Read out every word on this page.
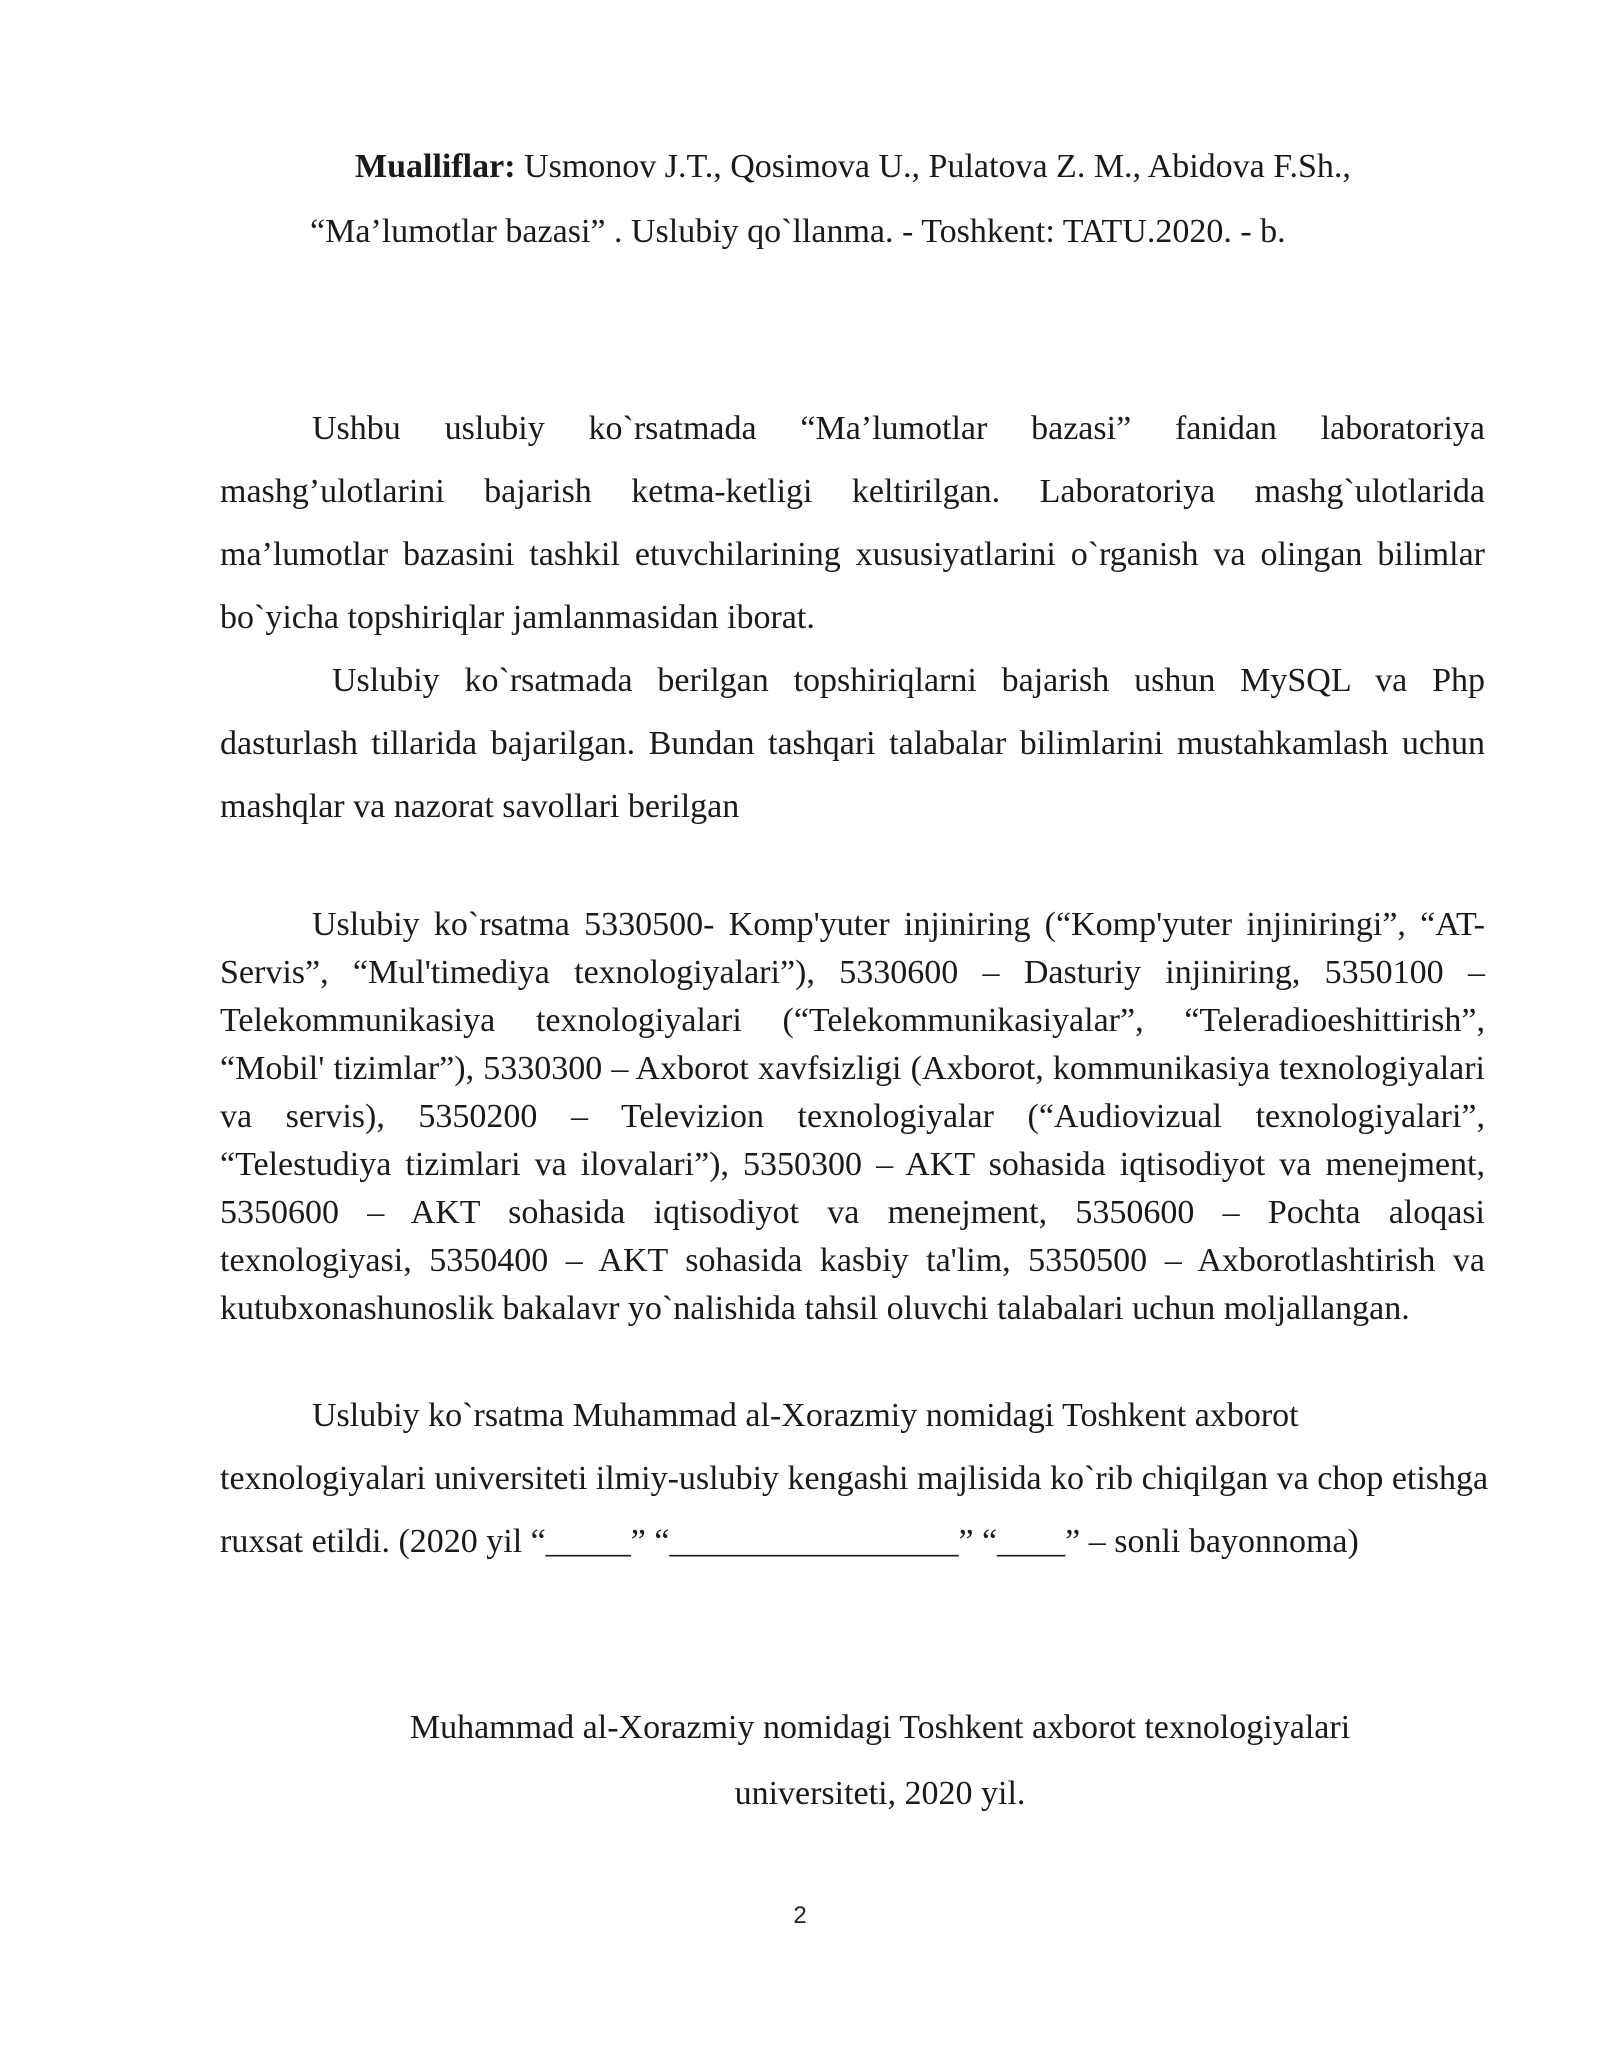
Mualliflar: Usmonov J.T., Qosimova U., Pulatova Z. M., Abidova F.Sh.,
“Ma’lumotlar bazasi” . Uslubiy qo`llanma. - Toshkent: TATU.2020. - b.

Ushbu uslubiy ko`rsatmada “Ma’lumotlar bazasi” fanidan laboratoriya mashg’ulotlarini bajarish ketma-ketligi keltirilgan. Laboratoriya mashg`ulotlarida ma’lumotlar bazasini tashkil etuvchilarining xususiyatlarini o`rganish va olingan bilimlar bo`yicha topshiriqlar jamlanmasidan iborat.

Uslubiy ko`rsatmada berilgan topshiriqlarni bajarish ushun MySQL va Php dasturlash tillarida bajarilgan. Bundan tashqari talabalar bilimlarini mustahkamlash uchun mashqlar va nazorat savollari berilgan

Uslubiy ko`rsatma 5330500- Komp'yuter injiniring (“Komp'yuter injiniringi”, “AT-Servis”, “Mul'timediya texnologiyalari”), 5330600 – Dasturiy injiniring, 5350100 – Telekommunikasiya texnologiyalari (“Telekommunikasiyalar”, “Teleradioeshittirish”, “Mobil' tizimlar”), 5330300 – Axborot xavfsizligi (Axborot, kommunikasiya texnologiyalari va servis), 5350200 – Televizion texnologiyalar (“Audiovizual texnologiyalari”, “Telestudiya tizimlari va ilovalari”), 5350300 – AKT sohasida iqtisodiyot va menejment, 5350600 – AKT sohasida iqtisodiyot va menejment, 5350600 – Pochta aloqasi texnologiyasi, 5350400 – AKT sohasida kasbiy ta'lim, 5350500 – Axborotlashtirish va kutubxonashunoslik bakalavr yo`nalishida tahsil oluvchi talabalari uchun moljallangan.

Uslubiy ko`rsatma Muhammad al-Xorazmiy nomidagi Toshkent axborot texnologiyalari universiteti ilmiy-uslubiy kengashi majlisida ko`rib chiqilgan va chop etishga ruxsat etildi. (2020 yil “_____” “_________________” “____” – sonli bayonnoma)

Muhammad al-Xorazmiy nomidagi Toshkent axborot texnologiyalari
universiteti, 2020 yil.
2
